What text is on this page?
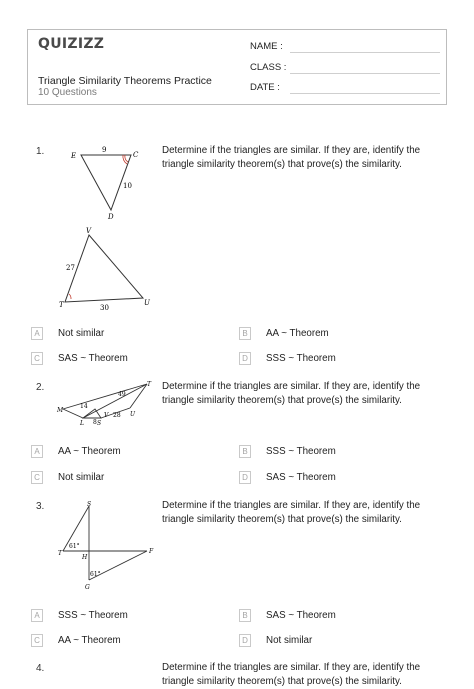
QUIZIZZ
Triangle Similarity Theorems Practice
10 Questions
NAME :
CLASS :
DATE :
1.	Determine if the triangles are similar. If they are, identify the triangle similarity theorem(s) that prove(s) the similarity.
E
9
C
10
D
V
27
T	30
U
A	Not similar	B	AA ~ Theorem
C	SAS ~ Theorem	D	SSS ~ Theorem
2.	Determine if the triangles are similar. If they are, identify the triangle similarity theorem(s) that prove(s) the similarity.
T
49
14
M
8
V 28 U
L S
A	AA ~ Theorem	B	SSS ~ Theorem
C	Not similar	D	SAS ~ Theorem
3.	Determine if the triangles are similar. If they are, identify the triangle similarity theorem(s) that prove(s) the similarity.
S
61°
T
H
F
61°
G
A	SSS ~ Theorem	B	SAS ~ Theorem
C	AA ~ Theorem	D	Not similar
4.	Determine if the triangles are similar. If they are, identify the triangle similarity theorem(s) that prove(s) the similarity.
